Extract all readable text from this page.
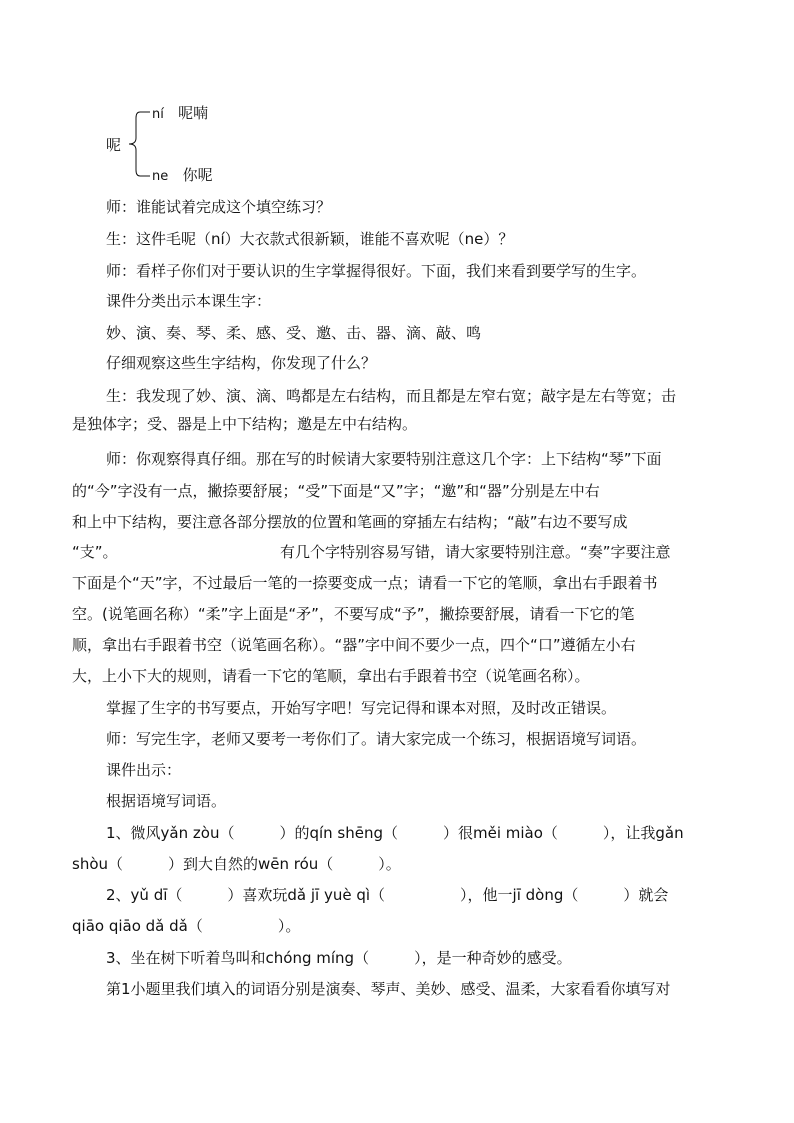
呢
ní 呢喃
ne 你呢
师：谁能试着完成这个填空练习？
生：这件毛呢（ní）大衣款式很新颖，谁能不喜欢呢（ne）？
师：看样子你们对于要认识的生字掌握得很好。下面，我们来看到要学写的生字。
课件分类出示本课生字：
妙、演、奏、琴、柔、感、受、邀、击、器、滴、敲、鸣
仔细观察这些生字结构，你发现了什么？
生：我发现了妙、演、滴、鸣都是左右结构，而且都是左窄右宽；敲字是左右等宽；击
是独体字；受、器是上中下结构；邀是左中右结构。
师：你观察得真仔细。那在写的时候请大家要特别注意这几个字：上下结构“琴”下面
的“今”字没有一点，撇捺要舒展；“受”下面是“又”字；“邀”和“器”分别是左中右
和上中下结构，要注意各部分摆放的位置和笔画的穿插左右结构；“敲”右边不要写成
“支”。	有几个字特别容易写错，请大家要特别注意。“奏”字要注意
下面是个“天”字，不过最后一笔的一捺要变成一点；请看一下它的笔顺，拿出右手跟着书
空。(说笔画名称）“柔”字上面是“矛”，不要写成“予”，撇捺要舒展，请看一下它的笔
顺，拿出右手跟着书空（说笔画名称）。“器”字中间不要少一点，四个“口”遵循左小右
大，上小下大的规则，请看一下它的笔顺，拿出右手跟着书空（说笔画名称）。
掌握了生字的书写要点，开始写字吧！写完记得和课本对照，及时改正错误。
师：写完生字，老师又要考一考你们了。请大家完成一个练习，根据语境写词语。
课件出示：
根据语境写词语。
1、微风yǎn zòu（　　　）的qín shēng（　　　）很měi miào（　　　），让我gǎn
shòu（　　　）到大自然的wēn róu（　　　）。
2、yǔ dī（　　　）喜欢玩dǎ jī yuè qì（　　　　　），他一jī dòng（　　　）就会
qiāo qiāo dǎ dǎ（　　　　　）。
3、坐在树下听着鸟叫和chóng míng（　　　），是一种奇妙的感受。
第1小题里我们填入的词语分别是演奏、琴声、美妙、感受、温柔，大家看看你填写对
